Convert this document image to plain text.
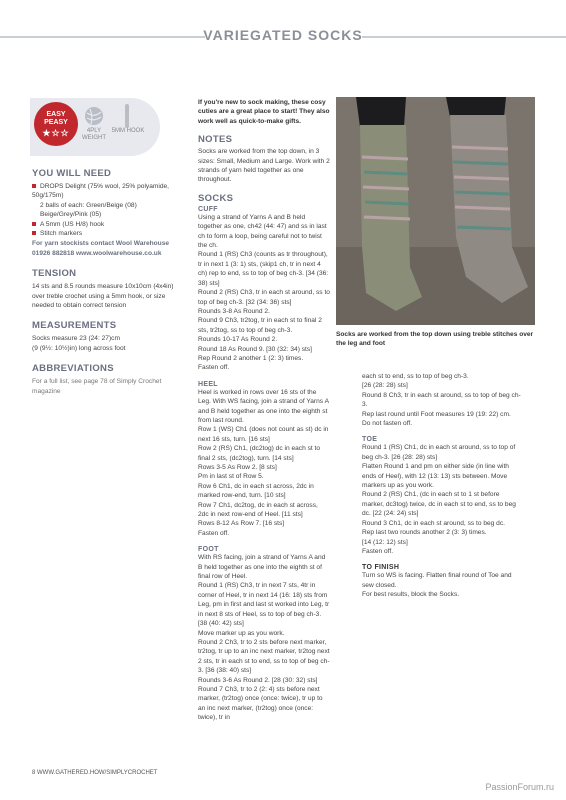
VARIEGATED SOCKS
EASY
PEASY
★☆☆	4PLY WEIGHT
5MM HOOK
YOU WILL NEED
DROPS Delight (75% wool, 25% polyamide, 50g/175m)
2 balls of each: Green/Beige (08) Beige/Grey/Pink (05)
A 5mm (US H/8) hook
Stitch markers
For yarn stockists contact Wool Warehouse 01926 882818 www.woolwarehouse.co.uk
TENSION
14 sts and 8.5 rounds measure 10x10cm (4x4in) over treble crochet using a 5mm hook, or size needed to obtain correct tension
MEASUREMENTS
Socks measure 23 (24: 27)cm
(9 (9½: 10½)in) long across foot
ABBREVIATIONS
For a full list, see page 78 of Simply Crochet magazine
If you're new to sock making, these cosy cuties are a great place to start! They also work well as quick-to-make gifts.
NOTES
Socks are worked from the top down, in 3 sizes: Small, Medium and Large. Work with 2 strands of yarn held together as one throughout.
SOCKS
CUFF

Using a strand of Yarns A and B held together as one, ch42 (44: 47) and ss in last ch to form a loop, being careful not to twist the ch.

Round 1 (RS) Ch3 (counts as tr throughout), tr in next 1 (3: 1) sts, (skip1 ch, tr in next 4 ch) rep to end, ss to top of beg ch-3. [34 (36: 38) sts]

Round 2 (RS) Ch3, tr in each st around, ss to top of beg ch-3. [32 (34: 36) sts]

Rounds 3-8 As Round 2.

Round 9 Ch3, tr2tog, tr in each st to final 2 sts, tr2tog, ss to top of beg ch-3.

Rounds 10-17 As Round 2.

Round 18 As Round 9. [30 (32: 34) sts]

Rep Round 2 another 1 (2: 3) times.

Fasten off.

HEEL

Heel is worked in rows over 16 sts of the Leg. With WS facing, join a strand of Yarns A and B held together as one into the eighth st from last round.

Row 1 (WS) Ch1 (does not count as st) dc in next 16 sts, turn. [16 sts]

Row 2 (RS) Ch1, (dc2tog) dc in each st to final 2 sts, (dc2tog), turn. [14 sts]

Rows 3-5 As Row 2. [8 sts]

Pm in last st of Row 5.

Row 6 Ch1, dc in each st across, 2dc in marked row-end, turn. [10 sts]

Row 7 Ch1, dc2tog, dc in each st across, 2dc in next row-end of Heel. [11 sts]

Rows 8-12 As Row 7. [16 sts]

Fasten off.

FOOT

With RS facing, join a strand of Yarns A and B held together as one into the eighth st of final row of Heel.

Round 1 (RS) Ch3, tr in next 7 sts, 4tr in corner of Heel, tr in next 14 (16: 18) sts from Leg, pm in first and last st worked into Leg, tr in next 8 sts of Heel, ss to top of beg ch-3. [38 (40: 42) sts]

Move marker up as you work.

Round 2 Ch3, tr to 2 sts before next marker, tr2tog, tr up to an inc next marker, tr2tog next 2 sts, tr in each st to end, ss to top of beg ch-3. [36 (38: 40) sts]

Rounds 3-6 As Round 2. [28 (30: 32) sts]

Round 7 Ch3, tr to 2 (2: 4) sts before next marker, (tr2tog) once (once: twice), tr up to an inc next marker, (tr2tog) once (once: twice), tr in

Socks are worked from the top down using treble stitches over the leg and foot

each st to end, ss to top of beg ch-3.

[26 (28: 28) sts]

Round 8 Ch3, tr in each st around, ss to top of beg ch-3.

Rep last round until Foot measures 19 (19: 22) cm.

Do not fasten off.

TOE

Round 1 (RS) Ch1, dc in each st around, ss to top of beg ch-3. [26 (28: 28) sts]

Flatten Round 1 and pm on either side (in line with ends of Heel), with 12 (13: 13) sts between. Move markers up as you work.

Round 2 (RS) Ch1, (dc in each st to 1 st before marker, dc3tog) twice, dc in each st to end, ss to beg dc. [22 (24: 24) sts]

Round 3 Ch1, dc in each st around, ss to beg dc.

Rep last two rounds another 2 (3: 3) times.

[14 (12: 12) sts]

Fasten off.

TO FINISH

Turn so WS is facing. Flatten final round of Toe and sew closed.

For best results, block the Socks.

8 WWW.GATHERED.HOW/SIMPLYCROCHET
PassionForum.ru
